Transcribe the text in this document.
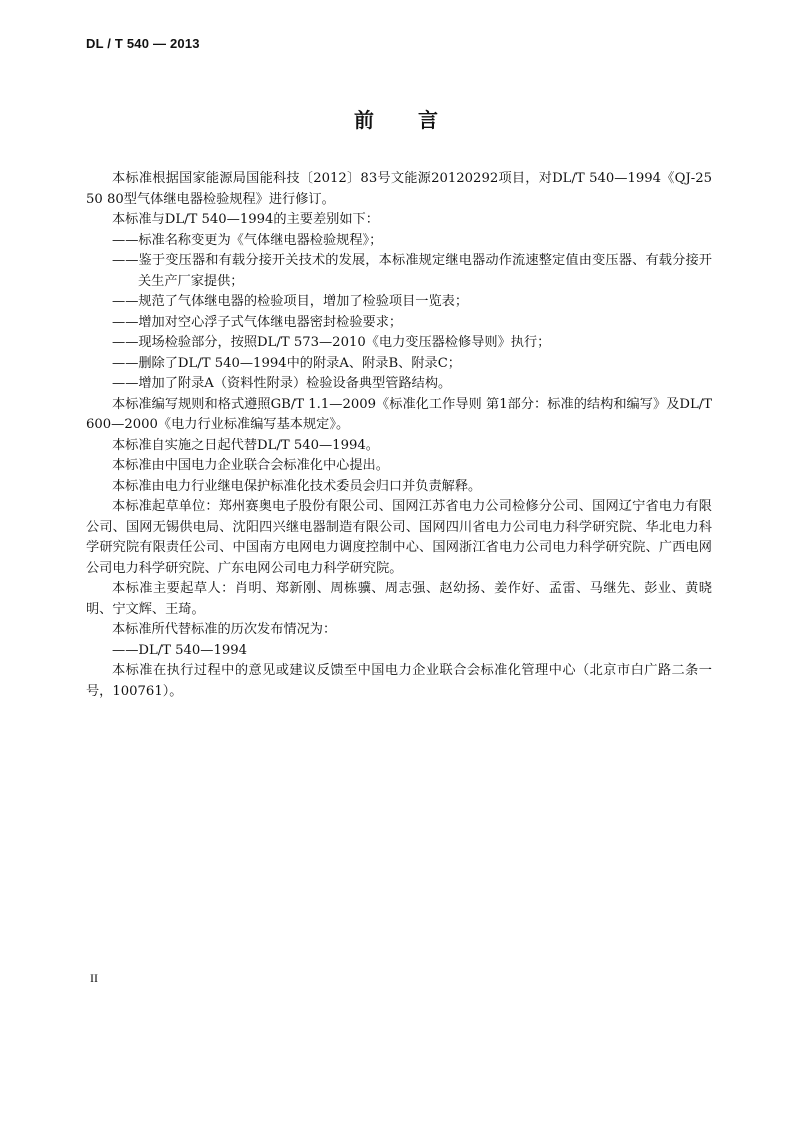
DL / T 540 — 2013
前 言

本标准根据国家能源局国能科技〔2012〕83号文能源20120292项目，对DL/T 540—1994《QJ-25 50 80型气体继电器检验规程》进行修订。

本标准与DL/T 540—1994的主要差别如下：

——标准名称变更为《气体继电器检验规程》；

——鉴于变压器和有载分接开关技术的发展，本标准规定继电器动作流速整定值由变压器、有载分接开关生产厂家提供；

——规范了气体继电器的检验项目，增加了检验项目一览表；

——增加对空心浮子式气体继电器密封检验要求；

——现场检验部分，按照DL/T 573—2010《电力变压器检修导则》执行；

——删除了DL/T 540—1994中的附录A、附录B、附录C；

——增加了附录A（资料性附录）检验设备典型管路结构。

本标准编写规则和格式遵照GB/T 1.1—2009《标准化工作导则 第1部分：标准的结构和编写》及DL/T 600—2000《电力行业标准编写基本规定》。

本标准自实施之日起代替DL/T 540—1994。

本标准由中国电力企业联合会标准化中心提出。

本标准由电力行业继电保护标准化技术委员会归口并负责解释。

本标准起草单位：郑州赛奥电子股份有限公司、国网江苏省电力公司检修分公司、国网辽宁省电力有限公司、国网无锡供电局、沈阳四兴继电器制造有限公司、国网四川省电力公司电力科学研究院、华北电力科学研究院有限责任公司、中国南方电网电力调度控制中心、国网浙江省电力公司电力科学研究院、广西电网公司电力科学研究院、广东电网公司电力科学研究院。

本标准主要起草人：肖明、郑新刚、周栋骥、周志强、赵幼扬、姜作好、孟雷、马继先、彭业、黄晓明、宁文辉、王琦。

本标准所代替标准的历次发布情况为：

——DL/T 540—1994

本标准在执行过程中的意见或建议反馈至中国电力企业联合会标准化管理中心（北京市白广路二条一号，100761）。

II
